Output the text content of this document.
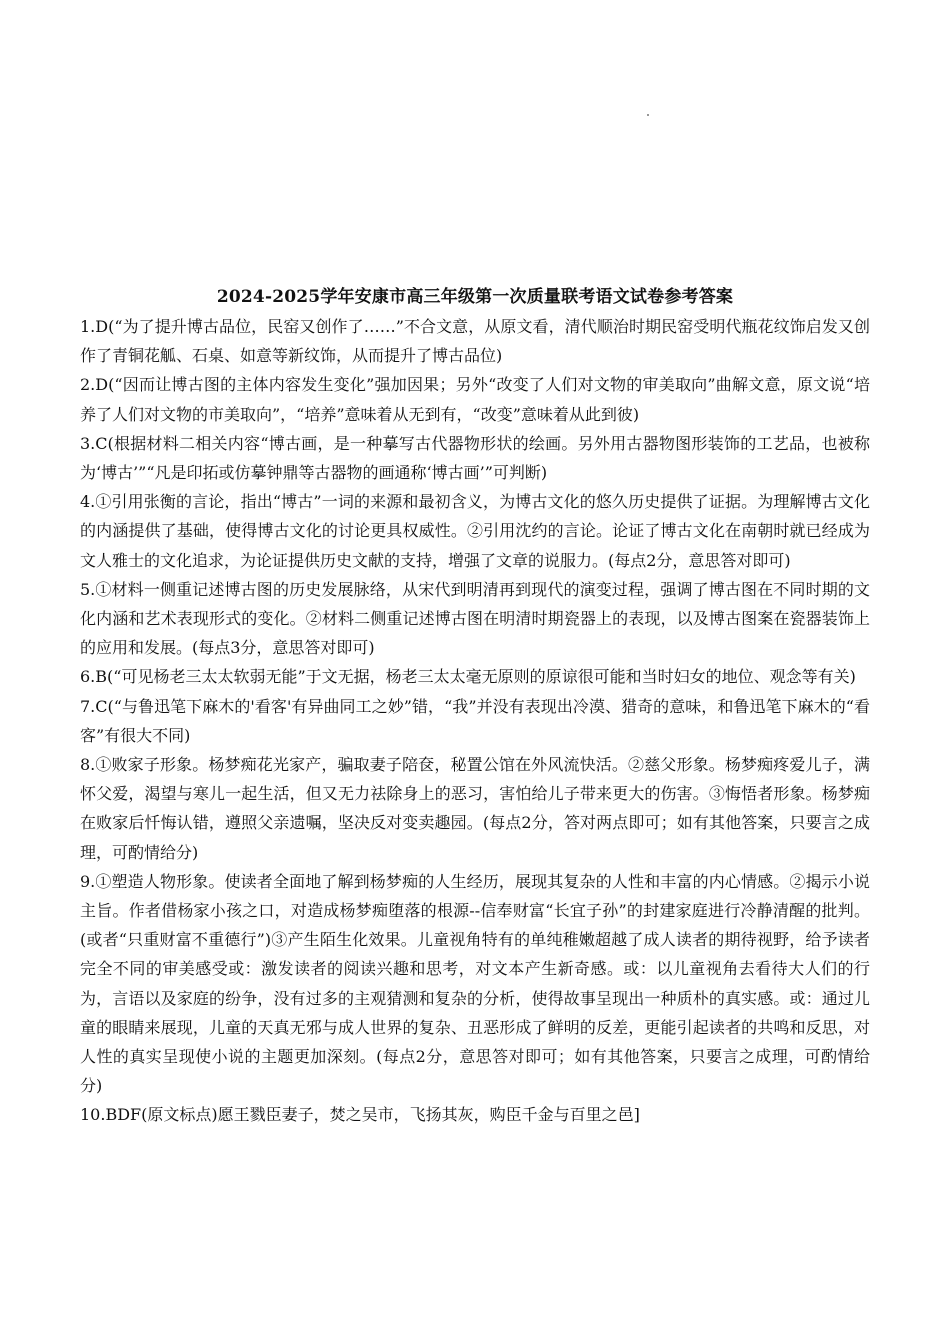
2024-2025学年安康市高三年级第一次质量联考语文试卷参考答案

1.D(“为了提升博古品位，民窑又创作了……”不合文意，从原文看，清代顺治时期民窑受明代瓶花纹饰启发又创作了青铜花觚、石桌、如意等新纹饰，从而提升了博古品位)

2.D(“因而让博古图的主体内容发生变化”强加因果；另外“改变了人们对文物的审美取向”曲解文意，原文说“培养了人们对文物的市美取向”，“培养”意味着从无到有，“改变”意味着从此到彼)

3.C(根据材料二相关内容“博古画，是一种摹写古代器物形状的绘画。另外用古器物图形装饰的工艺品，也被称为‘博古’”“凡是印拓或仿摹钟鼎等古器物的画通称‘博古画’”可判断)

4.①引用张衡的言论，指出“博古”一词的来源和最初含义，为博古文化的悠久历史提供了证据。为理解博古文化的内涵提供了基础，使得博古文化的讨论更具权威性。②引用沈约的言论。论证了博古文化在南朝时就已经成为文人雅士的文化追求，为论证提供历史文献的支持，增强了文章的说服力。(每点2分，意思答对即可)

5.①材料一侧重记述博古图的历史发展脉络，从宋代到明清再到现代的演变过程，强调了博古图在不同时期的文化内涵和艺术表现形式的变化。②材料二侧重记述博古图在明清时期瓷器上的表现，以及博古图案在瓷器装饰上的应用和发展。(每点3分，意思答对即可)

6.B(“可见杨老三太太软弱无能”于文无据，杨老三太太毫无原则的原谅很可能和当时妇女的地位、观念等有关)

7.C(“与鲁迅笔下麻木的'看客'有异曲同工之妙”错，“我”并没有表现出冷漠、猎奇的意味，和鲁迅笔下麻木的“看客”有很大不同)

8.①败家子形象。杨梦痴花光家产，骗取妻子陪奁，秘置公馆在外风流快活。②慈父形象。杨梦痴疼爱儿子，满怀父爱，渴望与寒儿一起生活，但又无力祛除身上的恶习，害怕给儿子带来更大的伤害。③悔悟者形象。杨梦痴在败家后忏悔认错，遵照父亲遗嘱，坚决反对变卖趣园。(每点2分，答对两点即可；如有其他答案，只要言之成理，可酌情给分)

9.①塑造人物形象。使读者全面地了解到杨梦痴的人生经历，展现其复杂的人性和丰富的内心情感。②揭示小说主旨。作者借杨家小孩之口，对造成杨梦痴堕落的根源--信奉财富“长宜子孙”的封建家庭进行冷静清醒的批判。(或者“只重财富不重德行”)③产生陌生化效果。儿童视角特有的单纯稚嫩超越了成人读者的期待视野，给予读者完全不同的审美感受或：激发读者的阅读兴趣和思考，对文本产生新奇感。或：以儿童视角去看待大人们的行为，言语以及家庭的纷争，没有过多的主观猜测和复杂的分析，使得故事呈现出一种质朴的真实感。或：通过儿童的眼睛来展现，儿童的天真无邪与成人世界的复杂、丑恶形成了鲜明的反差，更能引起读者的共鸣和反思，对人性的真实呈现使小说的主题更加深刻。(每点2分，意思答对即可；如有其他答案，只要言之成理，可酌情给分)

10.BDF(原文标点)愿王戮臣妻子，焚之吴市，飞扬其灰，购臣千金与百里之邑]
